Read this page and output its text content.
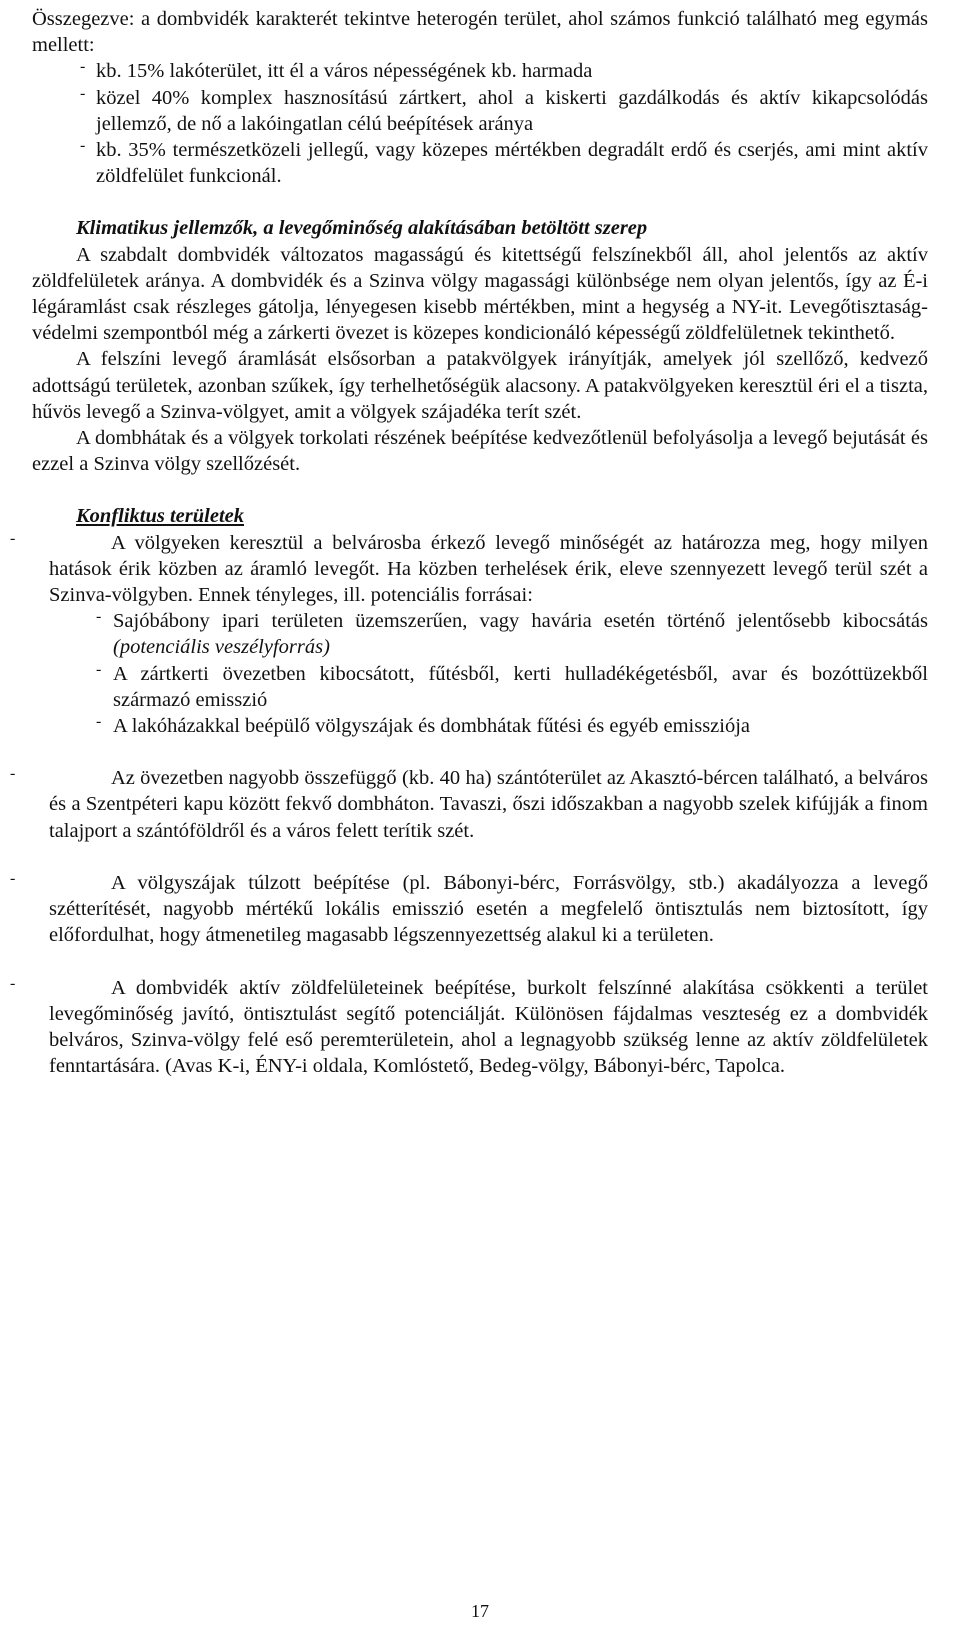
Összegezve: a dombvidék karakterét tekintve heterogén terület, ahol számos funkció található meg egymás mellett:

- kb. 15% lakóterület, itt él a város népességének kb. harmada

- közel 40% komplex hasznosítású zártkert, ahol a kiskerti gazdálkodás és aktív kikapcsolódás jellemző, de nő a lakóingatlan célú beépítések aránya

- kb. 35% természetközeli jellegű, vagy közepes mértékben degradált erdő és cserjés, ami mint aktív zöldfelület funkcionál.

Klimatikus jellemzők, a levegőminőség alakításában betöltött szerep

A szabdalt dombvidék változatos magasságú és kitettségű felszínekből áll, ahol jelentős az aktív zöldfelületek aránya. A dombvidék és a Szinva völgy magassági különbsége nem olyan jelentős, így az É-i légáramlást csak részleges gátolja, lényegesen kisebb mértékben, mint a hegység a NY-it. Levegőtisztaság-védelmi szempontból még a zárkerti övezet is közepes kondicionáló képességű zöldfelületnek tekinthető.

A felszíni levegő áramlását elsősorban a patakvölgyek irányítják, amelyek jól szellőző, kedvező adottságú területek, azonban szűkek, így terhelhetőségük alacsony. A patakvölgyeken keresztül éri el a tiszta, hűvös levegő a Szinva-völgyet, amit a völgyek szájadéka terít szét.

A dombhátak és a völgyek torkolati részének beépítése kedvezőtlenül befolyásolja a levegő bejutását és ezzel a Szinva völgy szellőzését.

Konfliktus területek
-	A völgyeken keresztül a belvárosba érkező levegő minőségét az határozza meg, hogy milyen hatások érik közben az áramló levegőt. Ha közben terhelések érik, eleve szennyezett levegő terül szét a Szinva-völgyben. Ennek tényleges, ill. potenciális forrásai:

- Sajóbábony ipari területen üzemszerűen, vagy havária esetén történő jelentősebb kibocsátás (potenciális veszélyforrás)

- A zártkerti övezetben kibocsátott, fűtésből, kerti hulladékégetésből, avar és bozóttüzekből származó emisszió

- A lakóházakkal beépülő völgyszájak és dombhátak fűtési és egyéb emissziója

-	Az övezetben nagyobb összefüggő (kb. 40 ha) szántóterület az Akasztó-bércen található, a belváros és a Szentpéteri kapu között fekvő dombháton. Tavaszi, őszi időszakban a nagyobb szelek kifújják a finom talajport a szántóföldről és a város felett terítik szét.

-	A völgyszájak túlzott beépítése (pl. Bábonyi-bérc, Forrásvölgy, stb.) akadályozza a levegő szétterítését, nagyobb mértékű lokális emisszió esetén a megfelelő öntisztulás nem biztosított, így előfordulhat, hogy átmenetileg magasabb légszennyezettség alakul ki a területen.

-	A dombvidék aktív zöldfelületeinek beépítése, burkolt felszínné alakítása csökkenti a terület levegőminőség javító, öntisztulást segítő potenciálját. Különösen fájdalmas veszteség ez a dombvidék belváros, Szinva-völgy felé eső peremterületein, ahol a legnagyobb szükség lenne az aktív zöldfelületek fenntartására. (Avas K-i, ÉNY-i oldala, Komlóstető, Bedeg-völgy, Bábonyi-bérc, Tapolca.

17
